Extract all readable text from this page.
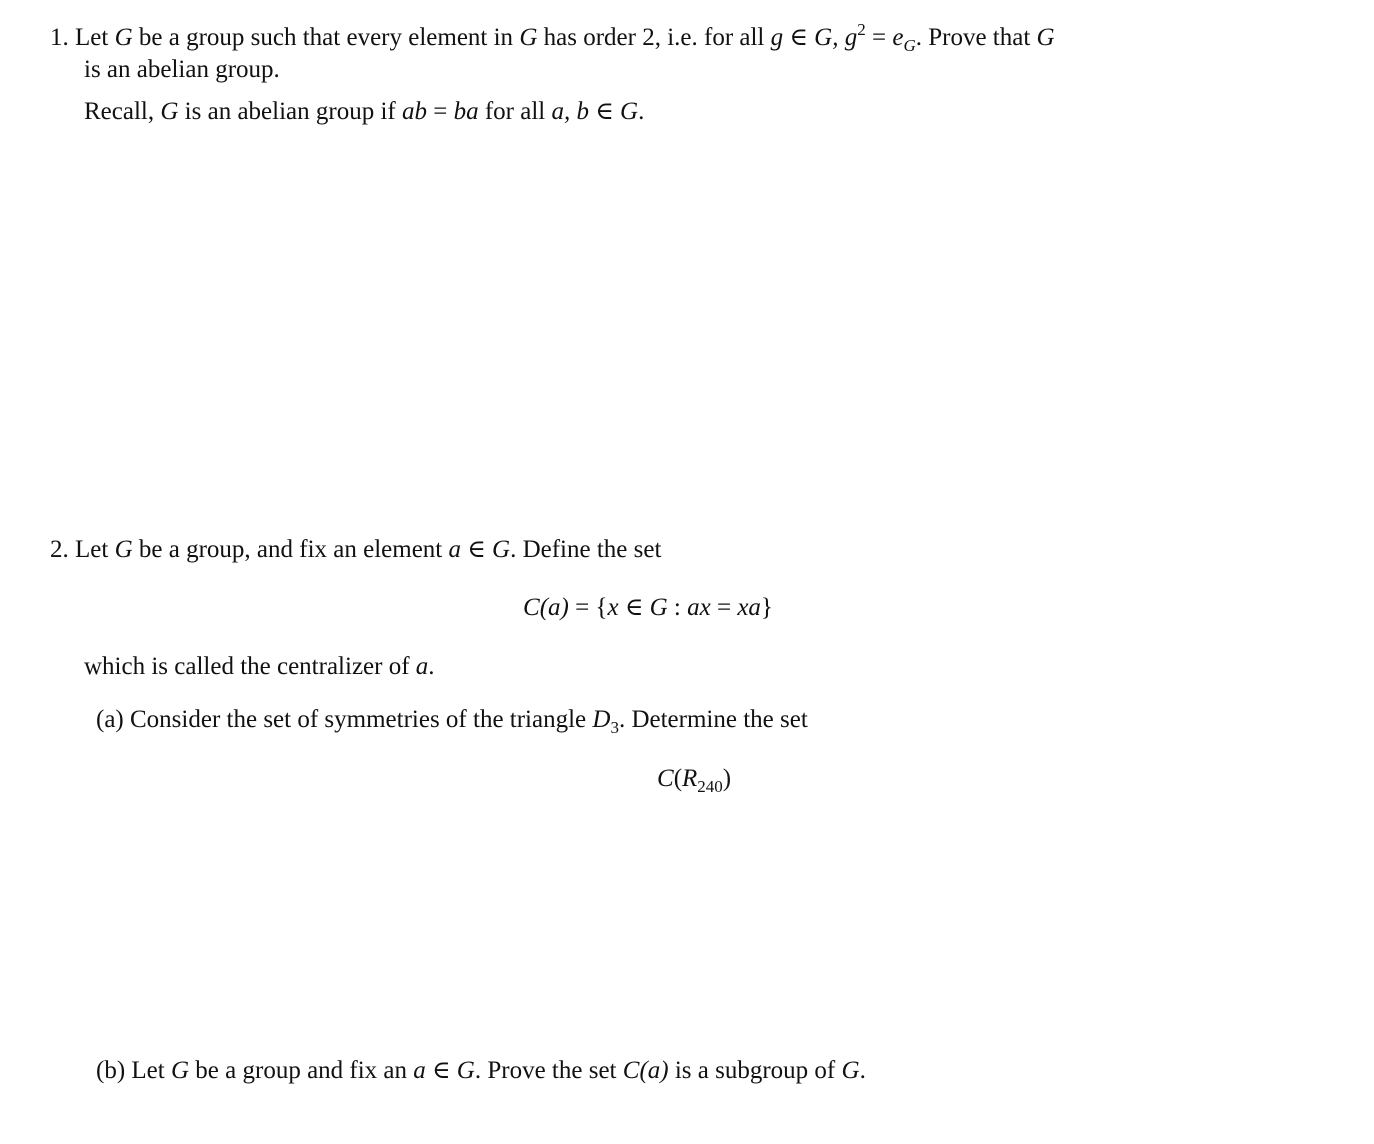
1. Let G be a group such that every element in G has order 2, i.e. for all g ∈ G, $g^2 = e_G$. Prove that G
is an abelian group.
Recall, G is an abelian group if ab = ba for all a, b ∈ G.
2. Let G be a group, and fix an element a ∈ G. Define the set
C(a) = {x ∈ G : ax = xa}
which is called the centralizer of a.
(a) Consider the set of symmetries of the triangle $D_3$. Determine the set
$C(R_{240})$
(b) Let G be a group and fix an a ∈ G. Prove the set C(a) is a subgroup of G.
